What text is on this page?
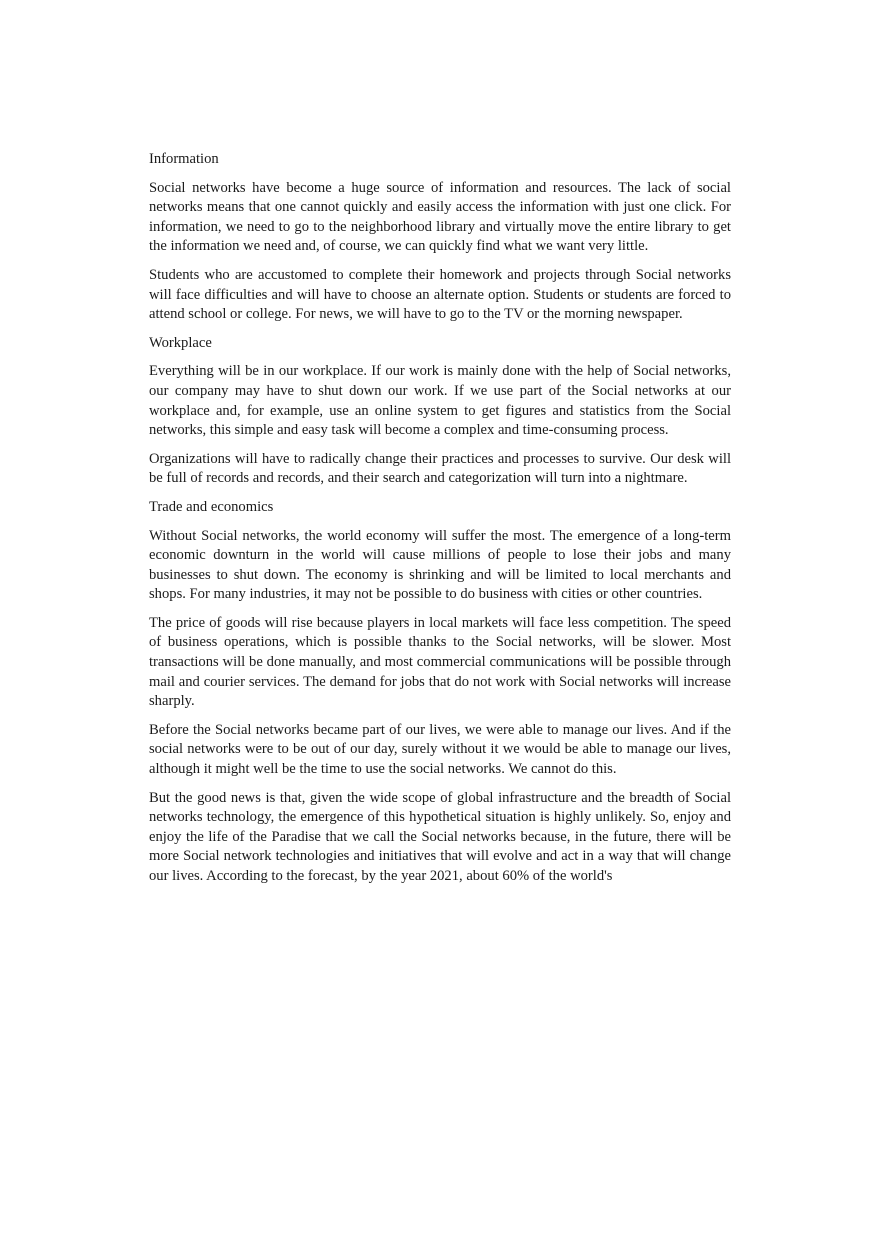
Information
Social networks have become a huge source of information and resources. The lack of social networks means that one cannot quickly and easily access the information with just one click. For information, we need to go to the neighborhood library and virtually move the entire library to get the information we need and, of course, we can quickly find what we want very little.
Students who are accustomed to complete their homework and projects through Social networks will face difficulties and will have to choose an alternate option. Students or students are forced to attend school or college. For news, we will have to go to the TV or the morning newspaper.
Workplace
Everything will be in our workplace. If our work is mainly done with the help of Social networks, our company may have to shut down our work. If we use part of the Social networks at our workplace and, for example, use an online system to get figures and statistics from the Social networks, this simple and easy task will become a complex and time-consuming process.
Organizations will have to radically change their practices and processes to survive. Our desk will be full of records and records, and their search and categorization will turn into a nightmare.
Trade and economics
Without Social networks, the world economy will suffer the most. The emergence of a long-term economic downturn in the world will cause millions of people to lose their jobs and many businesses to shut down. The economy is shrinking and will be limited to local merchants and shops. For many industries, it may not be possible to do business with cities or other countries.
The price of goods will rise because players in local markets will face less competition. The speed of business operations, which is possible thanks to the Social networks, will be slower. Most transactions will be done manually, and most commercial communications will be possible through mail and courier services. The demand for jobs that do not work with Social networks will increase sharply.
Before the Social networks became part of our lives, we were able to manage our lives. And if the social networks were to be out of our day, surely without it we would be able to manage our lives, although it might well be the time to use the social networks. We cannot do this.
But the good news is that, given the wide scope of global infrastructure and the breadth of Social networks technology, the emergence of this hypothetical situation is highly unlikely. So, enjoy and enjoy the life of the Paradise that we call the Social networks because, in the future, there will be more Social network technologies and initiatives that will evolve and act in a way that will change our lives. According to the forecast, by the year 2021, about 60% of the world's
